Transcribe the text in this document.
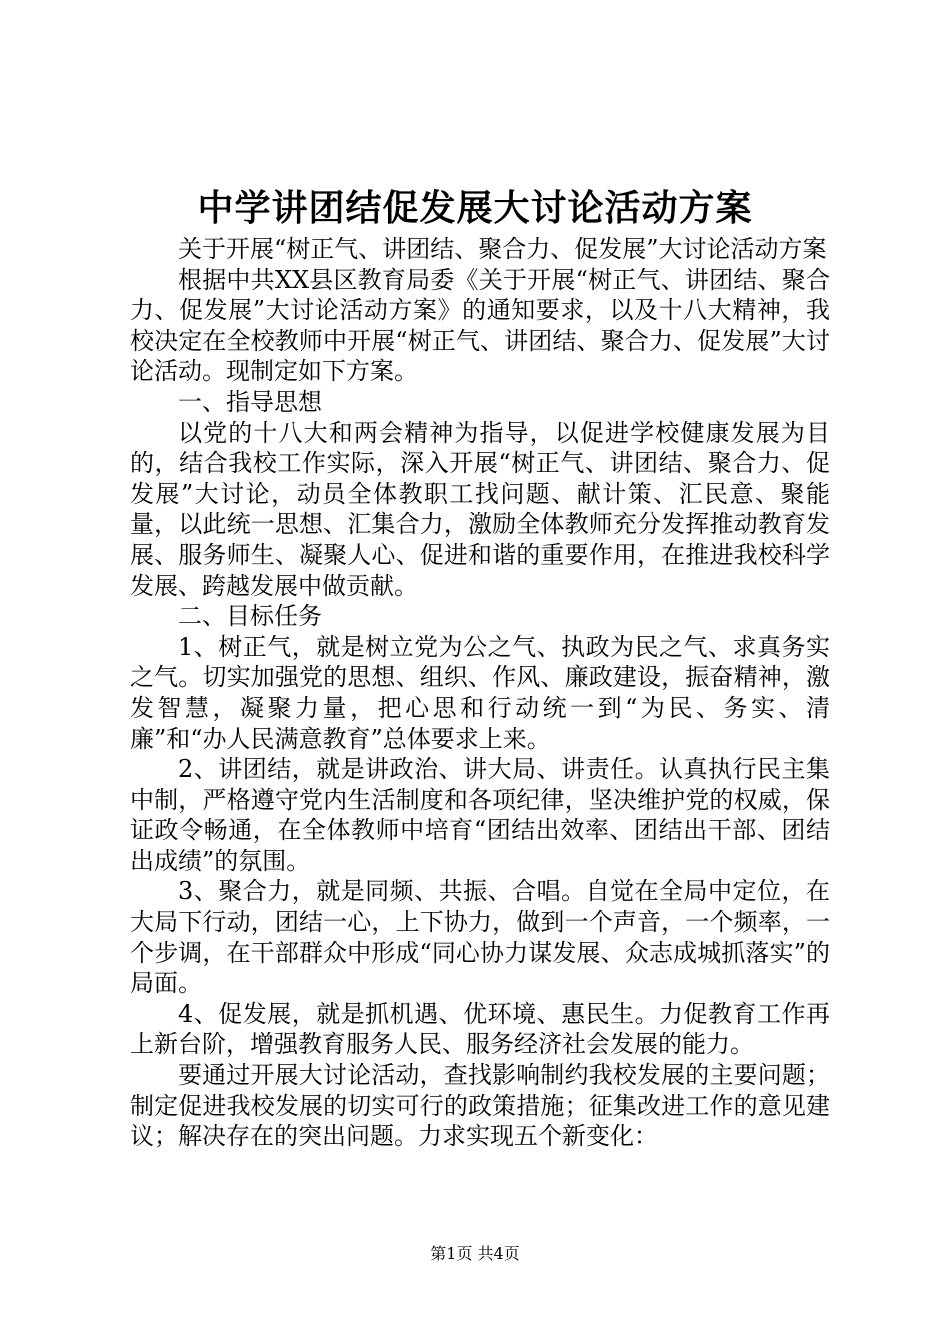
中学讲团结促发展大讨论活动方案

关于开展“树正气、讲团结、聚合力、促发展”大讨论活动方案

根据中共XX县区教育局委《关于开展“树正气、讲团结、聚合力、促发展”大讨论活动方案》的通知要求，以及十八大精神，我校决定在全校教师中开展“树正气、讲团结、聚合力、促发展”大讨论活动。现制定如下方案。

一、指导思想

以党的十八大和两会精神为指导，以促进学校健康发展为目的，结合我校工作实际，深入开展“树正气、讲团结、聚合力、促发展”大讨论，动员全体教职工找问题、献计策、汇民意、聚能量，以此统一思想、汇集合力，激励全体教师充分发挥推动教育发展、服务师生、凝聚人心、促进和谐的重要作用，在推进我校科学发展、跨越发展中做贡献。

二、目标任务

1、树正气，就是树立党为公之气、执政为民之气、求真务实之气。切实加强党的思想、组织、作风、廉政建设，振奋精神，激发智慧，凝聚力量，把心思和行动统一到“为民、务实、清廉”和“办人民满意教育”总体要求上来。

2、讲团结，就是讲政治、讲大局、讲责任。认真执行民主集中制，严格遵守党内生活制度和各项纪律，坚决维护党的权威，保证政令畅通，在全体教师中培育“团结出效率、团结出干部、团结出成绩”的氛围。

3、聚合力，就是同频、共振、合唱。自觉在全局中定位，在大局下行动，团结一心，上下协力，做到一个声音，一个频率，一个步调，在干部群众中形成“同心协力谋发展、众志成城抓落实”的局面。

4、促发展，就是抓机遇、优环境、惠民生。力促教育工作再上新台阶，增强教育服务人民、服务经济社会发展的能力。

要通过开展大讨论活动，查找影响制约我校发展的主要问题；制定促进我校发展的切实可行的政策措施；征集改进工作的意见建议；解决存在的突出问题。力求实现五个新变化：

第1页 共4页
